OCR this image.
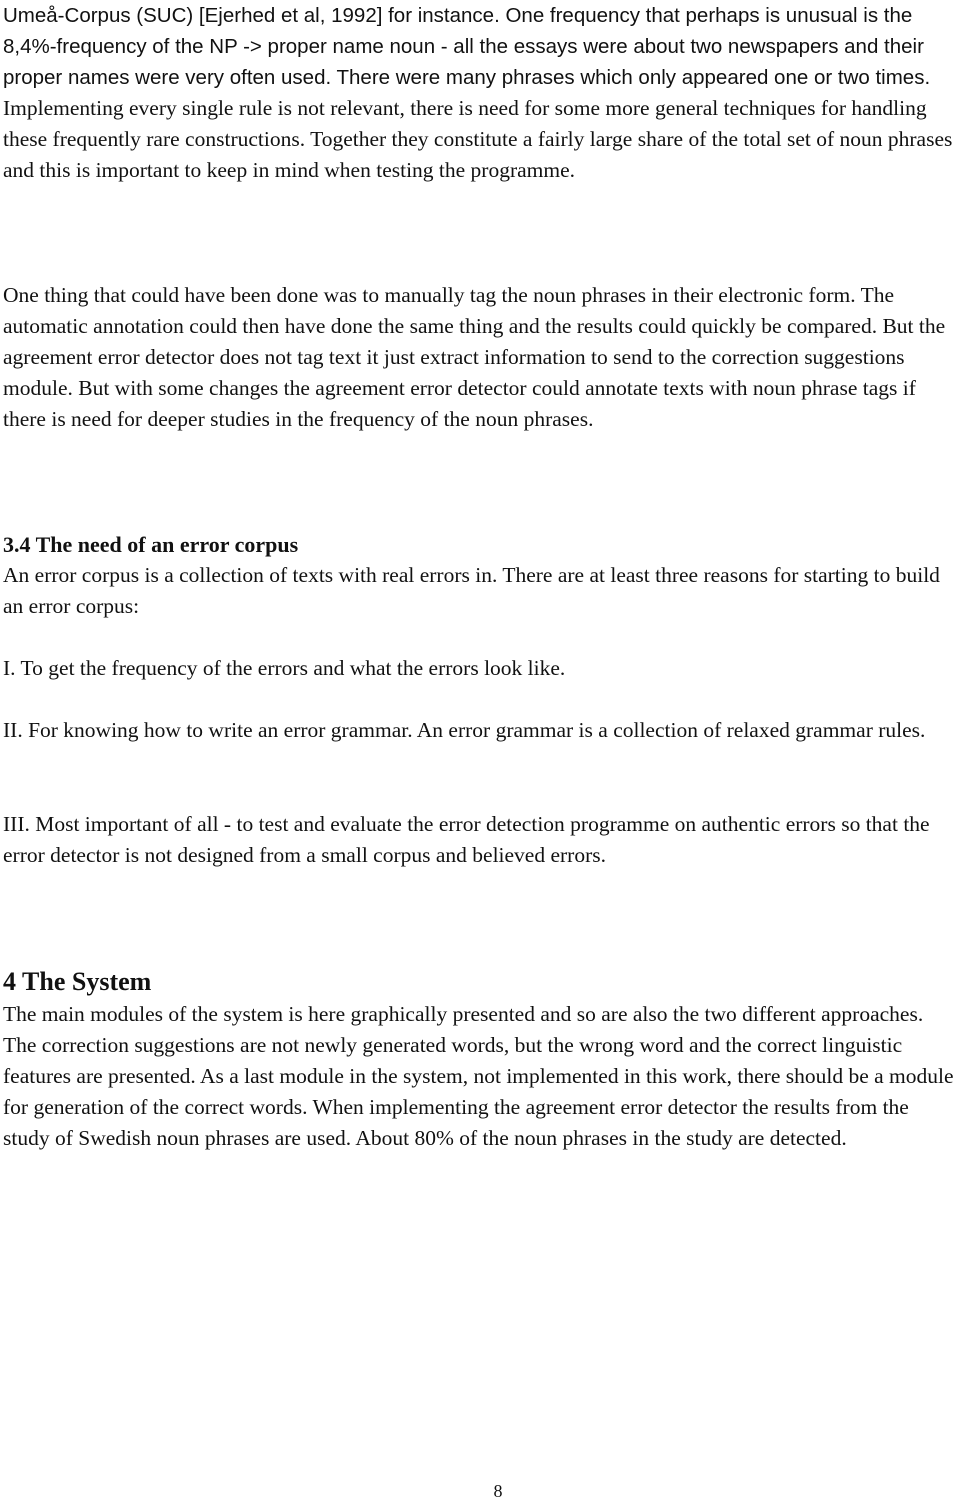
Umeå-Corpus (SUC) [Ejerhed et al, 1992] for instance. One frequency that perhaps is unusual is the 8,4%-frequency of the NP -> proper name noun - all the essays were about two newspapers and their proper names were very often used. There were many phrases which only appeared one or two times. Implementing every single rule is not relevant, there is need for some more general techniques for handling these frequently rare constructions. Together they constitute a fairly large share of the total set of noun phrases and this is important to keep in mind when testing the programme.

One thing that could have been done was to manually tag the noun phrases in their electronic form. The automatic annotation could then have done the same thing and the results could quickly be compared. But the agreement error detector does not tag text it just extract information to send to the correction suggestions module. But with some changes the agreement error detector could annotate texts with noun phrase tags if there is need for deeper studies in the frequency of the noun phrases.

3.4 The need of an error corpus

An error corpus is a collection of texts with real errors in. There are at least three reasons for starting to build an error corpus:

I. To get the frequency of the errors and what the errors look like.

II. For knowing how to write an error grammar. An error grammar is a collection of relaxed grammar rules.

III. Most important of all - to test and evaluate the error detection programme on authentic errors so that the error detector is not designed from a small corpus and believed errors.

4 The System

The main modules of the system is here graphically presented and so are also the two different approaches. The correction suggestions are not newly generated words, but the wrong word and the correct linguistic features are presented. As a last module in the system, not implemented in this work, there should be a module for generation of the correct words. When implementing the agreement error detector the results from the study of Swedish noun phrases are used. About 80% of the noun phrases in the study are detected.

8
